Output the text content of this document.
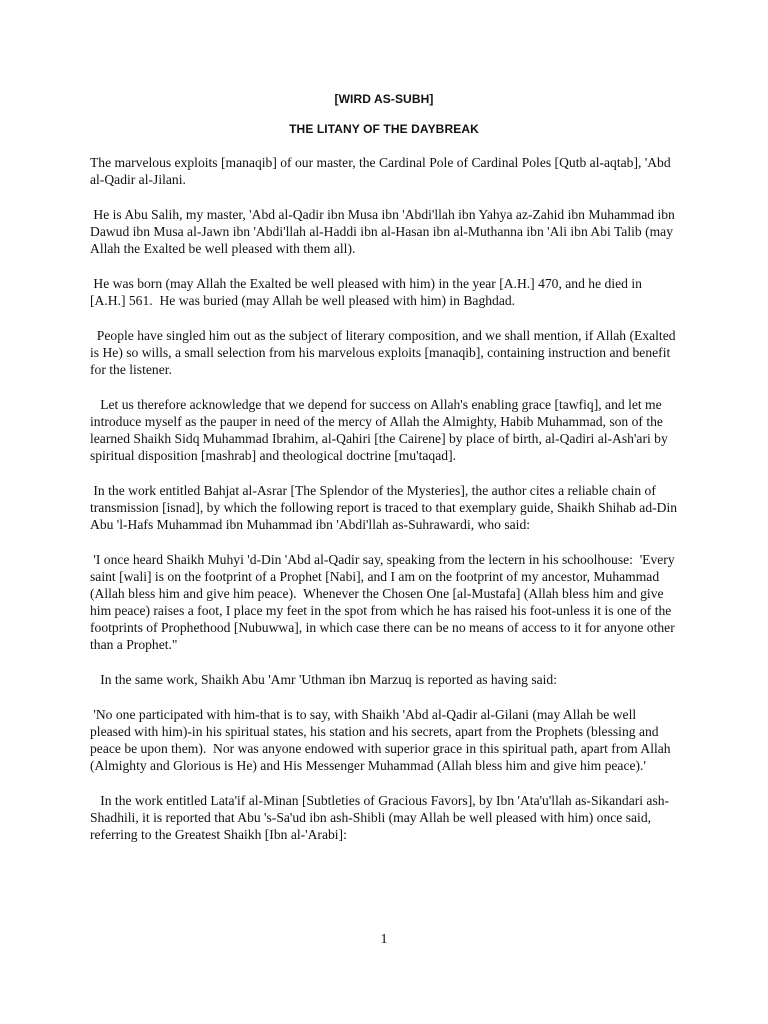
[WIRD AS-SUBH]
THE LITANY OF THE DAYBREAK

The marvelous exploits [manaqib] of our master, the Cardinal Pole of Cardinal Poles [Qutb al-aqtab], 'Abd al-Qadir al-Jilani.

He is Abu Salih, my master, 'Abd al-Qadir ibn Musa ibn 'Abdi'llah ibn Yahya az-Zahid ibn Muhammad ibn Dawud ibn Musa al-Jawn ibn 'Abdi'llah al-Haddi ibn al-Hasan ibn al-Muthanna ibn 'Ali ibn Abi Talib (may Allah the Exalted be well pleased with them all).

He was born (may Allah the Exalted be well pleased with him) in the year [A.H.] 470, and he died in [A.H.] 561.  He was buried (may Allah be well pleased with him) in Baghdad.

People have singled him out as the subject of literary composition, and we shall mention, if Allah (Exalted is He) so wills, a small selection from his marvelous exploits [manaqib], containing instruction and benefit for the listener.

Let us therefore acknowledge that we depend for success on Allah's enabling grace [tawfiq], and let me introduce myself as the pauper in need of the mercy of Allah the Almighty, Habib Muhammad, son of the learned Shaikh Sidq Muhammad Ibrahim, al-Qahiri [the Cairene] by place of birth, al-Qadiri al-Ash'ari by spiritual disposition [mashrab] and theological doctrine [mu'taqad].

In the work entitled Bahjat al-Asrar [The Splendor of the Mysteries], the author cites a reliable chain of transmission [isnad], by which the following report is traced to that exemplary guide, Shaikh Shihab ad-Din Abu 'l-Hafs Muhammad ibn Muhammad ibn 'Abdi'llah as-Suhrawardi, who said:

'I once heard Shaikh Muhyi 'd-Din 'Abd al-Qadir say, speaking from the lectern in his schoolhouse:  'Every saint [wali] is on the footprint of a Prophet [Nabi], and I am on the footprint of my ancestor, Muhammad (Allah bless him and give him peace).  Whenever the Chosen One [al-Mustafa] (Allah bless him and give him peace) raises a foot, I place my feet in the spot from which he has raised his foot-unless it is one of the footprints of Prophethood [Nubuwwa], in which case there can be no means of access to it for anyone other than a Prophet."

In the same work, Shaikh Abu 'Amr 'Uthman ibn Marzuq is reported as having said:

'No one participated with him-that is to say, with Shaikh 'Abd al-Qadir al-Gilani (may Allah be well pleased with him)-in his spiritual states, his station and his secrets, apart from the Prophets (blessing and peace be upon them).  Nor was anyone endowed with superior grace in this spiritual path, apart from Allah (Almighty and Glorious is He) and His Messenger Muhammad (Allah bless him and give him peace).'

In the work entitled Lata'if al-Minan [Subtleties of Gracious Favors], by Ibn 'Ata'u'llah as-Sikandari ash-Shadhili, it is reported that Abu 's-Sa'ud ibn ash-Shibli (may Allah be well pleased with him) once said, referring to the Greatest Shaikh [Ibn al-'Arabi]:

1
